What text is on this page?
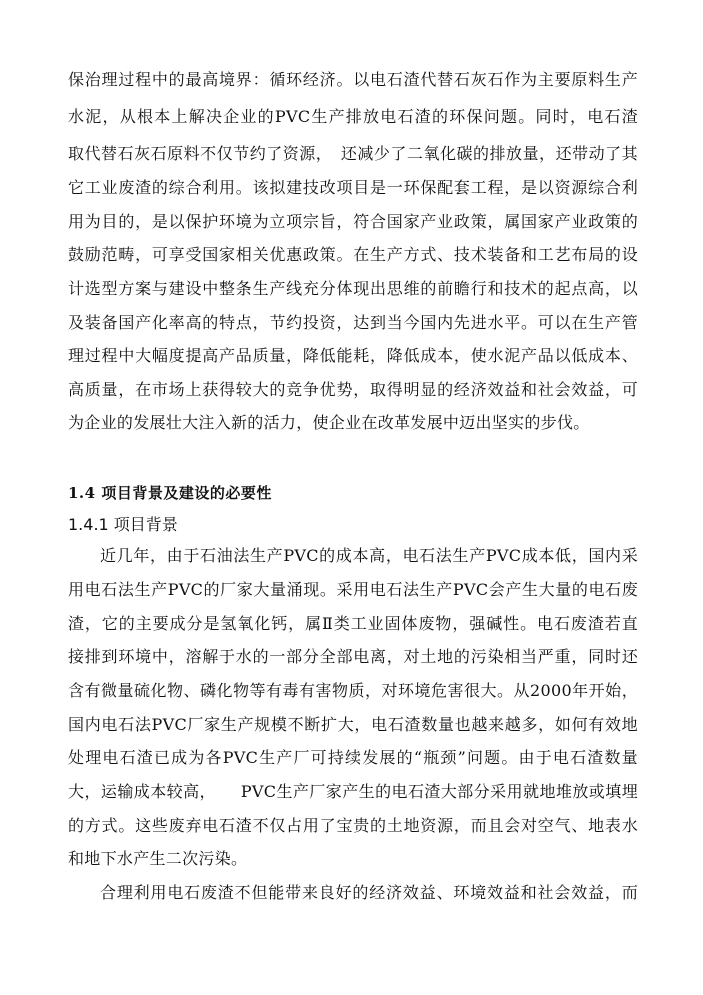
保治理过程中的最高境界：循环经济。以电石渣代替石灰石作为主要原料生产
水泥，从根本上解决企业的PVC生产排放电石渣的环保问题。同时，电石渣
取代替石灰石原料不仅节约了资源，　还减少了二氧化碳的排放量，还带动了其
它工业废渣的综合利用。该拟建技改项目是一环保配套工程，是以资源综合利
用为目的，是以保护环境为立项宗旨，符合国家产业政策，属国家产业政策的
鼓励范畴，可享受国家相关优惠政策。在生产方式、技术装备和工艺布局的设
计选型方案与建设中整条生产线充分体现出思维的前瞻行和技术的起点高，以
及装备国产化率高的特点，节约投资，达到当今国内先进水平。可以在生产管
理过程中大幅度提高产品质量，降低能耗，降低成本，使水泥产品以低成本、
高质量，在市场上获得较大的竞争优势，取得明显的经济效益和社会效益，可
为企业的发展壮大注入新的活力，使企业在改革发展中迈出坚实的步伐。
1.4 项目背景及建设的必要性
1.4.1 项目背景
近几年，由于石油法生产PVC的成本高，电石法生产PVC成本低，国内采
用电石法生产PVC的厂家大量涌现。采用电石法生产PVC会产生大量的电石废
渣，它的主要成分是氢氧化钙，属Ⅱ类工业固体废物，强碱性。电石废渣若直
接排到环境中，溶解于水的一部分全部电离，对土地的污染相当严重，同时还
含有微量硫化物、磷化物等有毒有害物质，对环境危害很大。从2000年开始，
国内电石法PVC厂家生产规模不断扩大，电石渣数量也越来越多，如何有效地
处理电石渣已成为各PVC生产厂可持续发展的“瓶颈”问题。由于电石渣数量
大，运输成本较高，　　PVC生产厂家产生的电石渣大部分采用就地堆放或填埋
的方式。这些废弃电石渣不仅占用了宝贵的土地资源，而且会对空气、地表水
和地下水产生二次污染。
合理利用电石废渣不但能带来良好的经济效益、环境效益和社会效益，而
